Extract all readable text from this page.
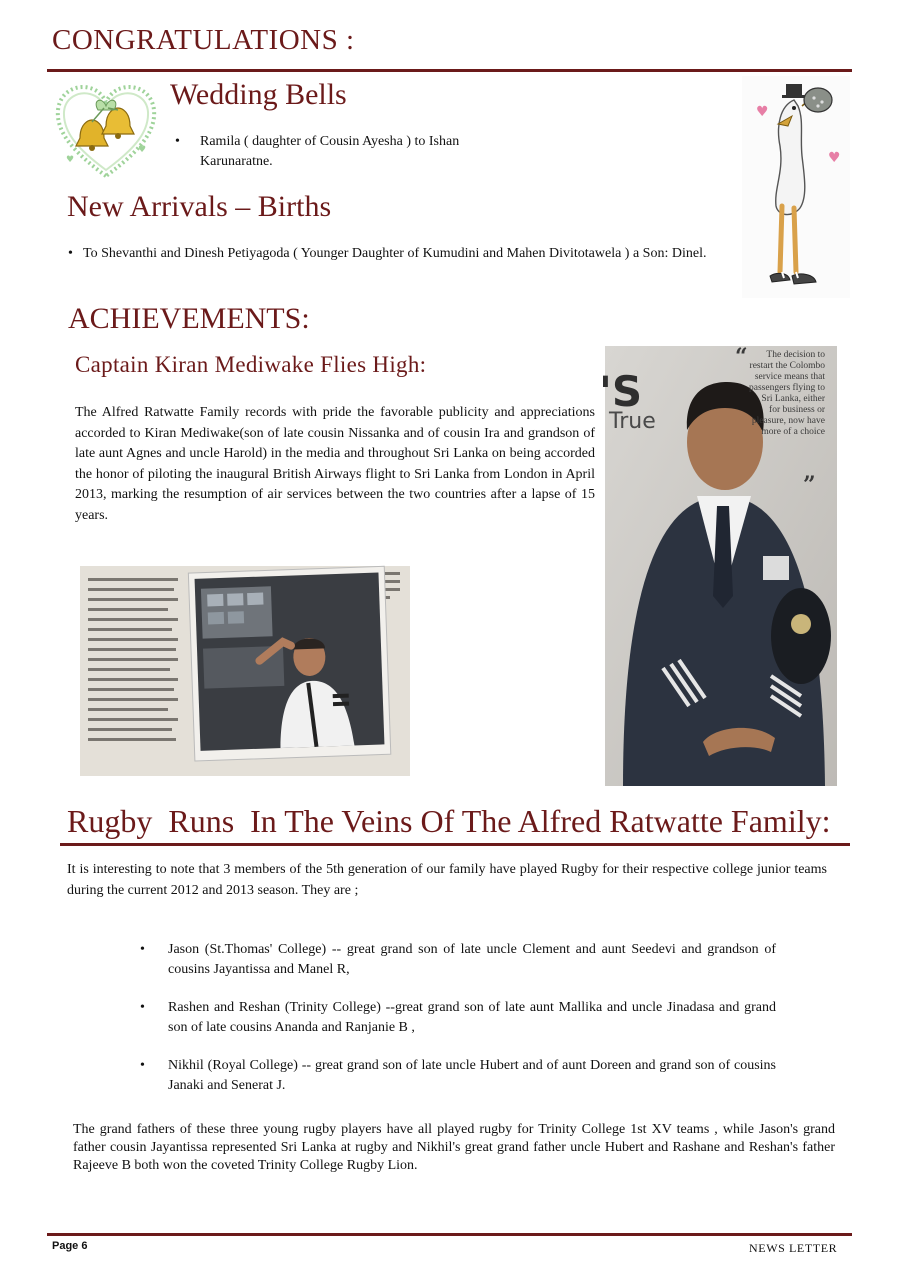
CONGRATULATIONS :
♥
♥
Wedding Bells
• Ramila ( daughter of Cousin Ayesha ) to Ishan Karunaratne.
♥
♥
New Arrivals – Births
• To Shevanthi and Dinesh Petiyagoda ( Younger Daughter of Kumudini and Mahen Divitotawela ) a Son: Dinel.
ACHIEVEMENTS:
Captain Kiran Mediwake Flies High:

The Alfred Ratwatte Family records with pride the favorable publicity and appreciations accorded to Kiran Mediwake(son of late cousin Nissanka and of cousin Ira and grandson of late aunt Agnes and uncle Harold) in the media and throughout Sri Lanka on being accorded the honor of piloting the inaugural British Airways flight to Sri Lanka from London in April 2013, marking the resumption of air services between the two countries after a lapse of 15 years.

'S
True
“
”
The decision to restart the Colombo service means that passengers flying to Sri Lanka, either for business or pleasure, now have more of a choice
Rugby  Runs  In The Veins Of The Alfred Ratwatte Family:

It is interesting to note that 3 members of the 5th generation of our family have played Rugby for their respective college junior teams during the current 2012 and 2013 season. They are ;

• Jason (St.Thomas' College) -- great grand son of late uncle Clement and aunt Seedevi and grandson of cousins Jayantissa and Manel R,
• Rashen and Reshan (Trinity College) --great grand son of late aunt Mallika and uncle Jinadasa and grand son of late cousins Ananda and Ranjanie B ,
• Nikhil (Royal College) -- great grand son of late uncle Hubert and of aunt Doreen and grand son of cousins Janaki and Senerat J.

The grand fathers of these three young rugby players have all played rugby for Trinity College 1st XV teams , while Jason's grand father cousin Jayantissa represented Sri Lanka at rugby and Nikhil's great grand father uncle Hubert and Rashane and Reshan's father Rajeeve B both won the coveted Trinity College Rugby Lion.

Page 6	NEWS LETTER
